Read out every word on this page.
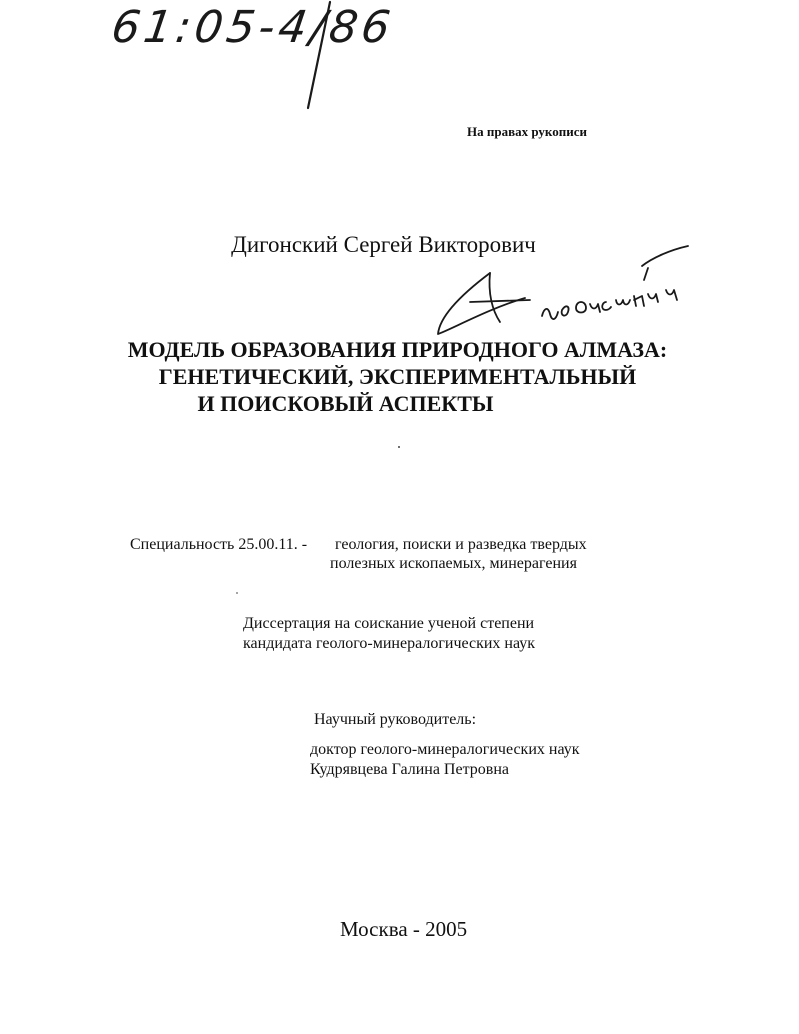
61:05-4/86
На правах рукописи
Дигонский Сергей Викторович
МОДЕЛЬ ОБРАЗОВАНИЯ ПРИРОДНОГО АЛМАЗА:
ГЕНЕТИЧЕСКИЙ, ЭКСПЕРИМЕНТАЛЬНЫЙ
И ПОИСКОВЫЙ АСПЕКТЫ
Специальность 25.00.11. - геология, поиски и разведка твердых
полезных ископаемых, минерагения
Диссертация на соискание ученой степени
кандидата геолого-минералогических наук
Научный руководитель:
доктор геолого-минералогических наук
Кудрявцева Галина Петровна
Москва - 2005
